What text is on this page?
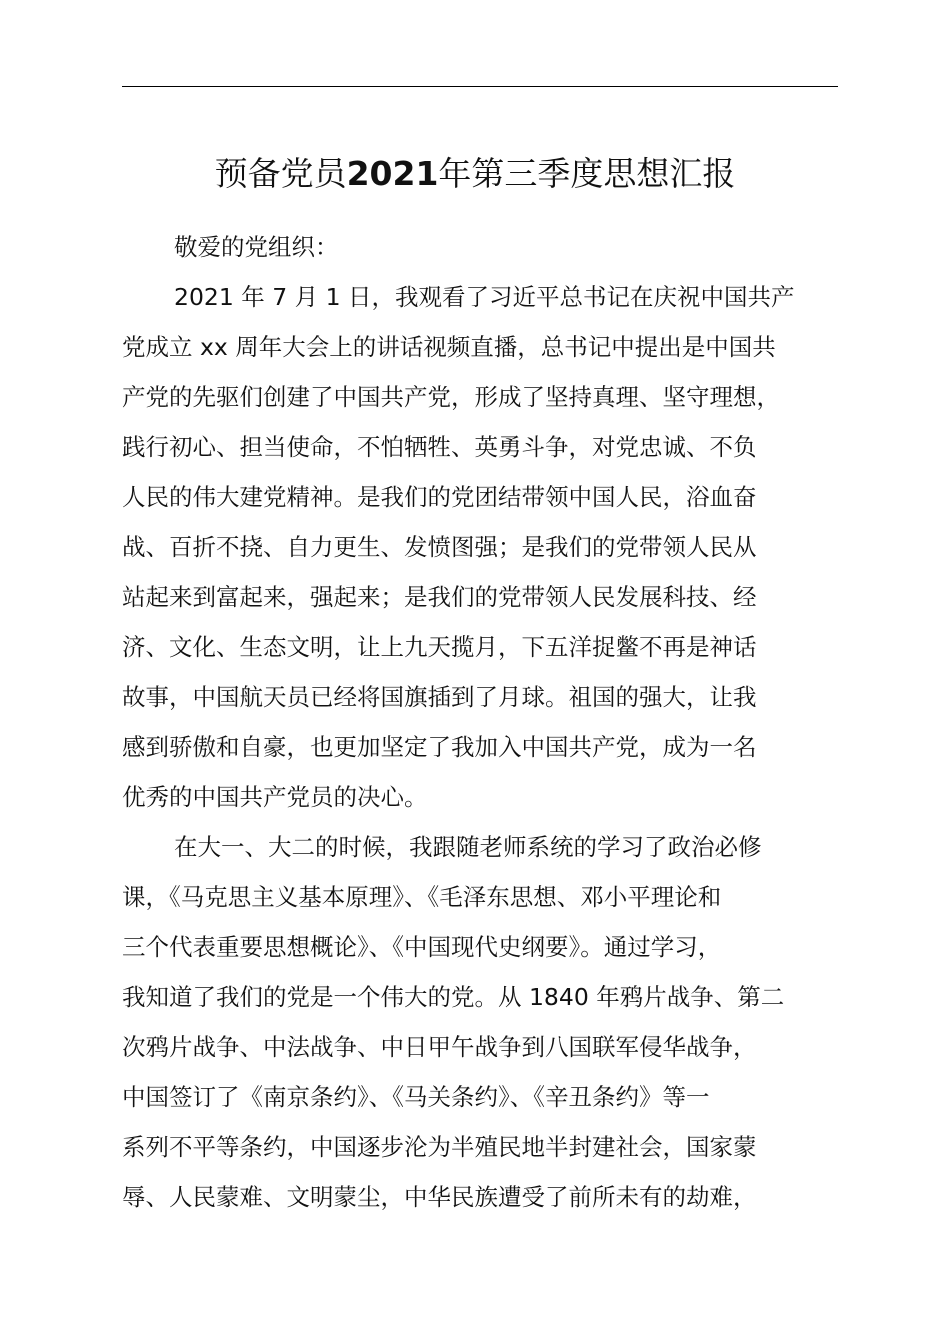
预备党员2021年第三季度思想汇报
敬爱的党组织：
2021 年 7 月 1 日，我观看了习近平总书记在庆祝中国共产
党成立 xx 周年大会上的讲话视频直播，总书记中提出是中国共
产党的先驱们创建了中国共产党，形成了坚持真理、坚守理想，
践行初心、担当使命，不怕牺牲、英勇斗争，对党忠诚、不负
人民的伟大建党精神。是我们的党团结带领中国人民，浴血奋
战、百折不挠、自力更生、发愤图强；是我们的党带领人民从
站起来到富起来，强起来；是我们的党带领人民发展科技、经
济、文化、生态文明，让上九天揽月，下五洋捉鳖不再是神话
故事，中国航天员已经将国旗插到了月球。祖国的强大，让我
感到骄傲和自豪，也更加坚定了我加入中国共产党，成为一名
优秀的中国共产党员的决心。
在大一、大二的时候，我跟随老师系统的学习了政治必修
课，《马克思主义基本原理》、《毛泽东思想、邓小平理论和
三个代表重要思想概论》、《中国现代史纲要》。通过学习，
我知道了我们的党是一个伟大的党。从 1840 年鸦片战争、第二
次鸦片战争、中法战争、中日甲午战争到八国联军侵华战争，
中国签订了《南京条约》、《马关条约》、《辛丑条约》等一
系列不平等条约，中国逐步沦为半殖民地半封建社会，国家蒙
辱、人民蒙难、文明蒙尘，中华民族遭受了前所未有的劫难，
